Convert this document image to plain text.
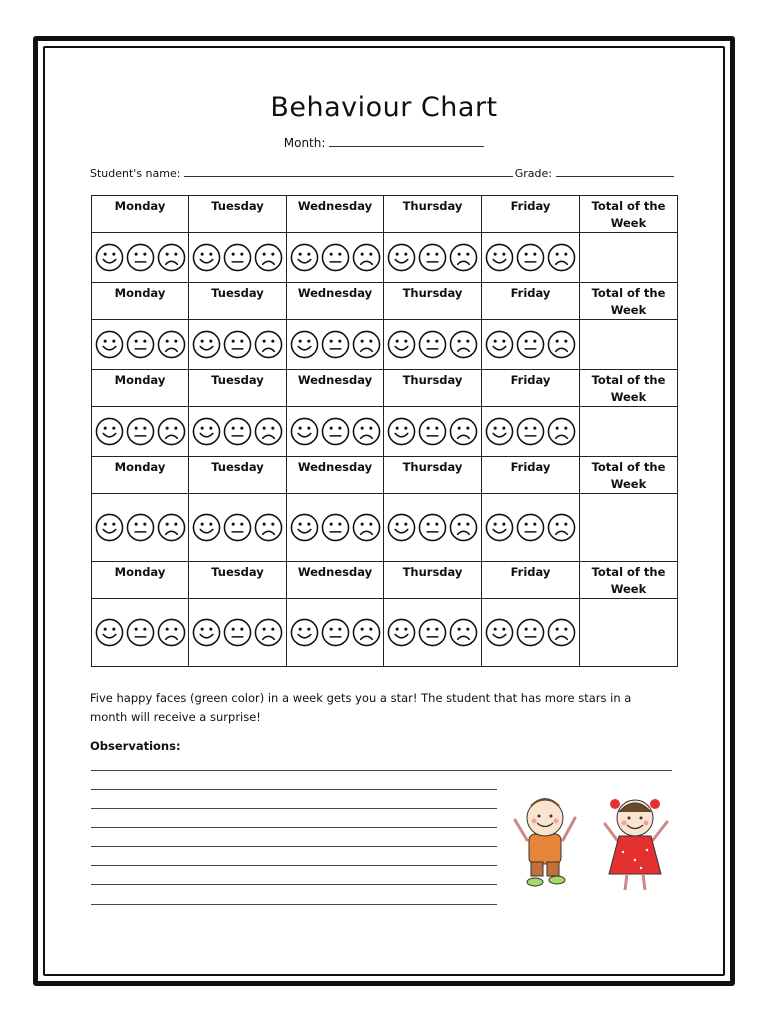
Behaviour Chart
Month:
Student's name:	Grade:
Monday	Tuesday	Wednesday	Thursday	Friday	Total of the Week

Monday	Tuesday	Wednesday	Thursday	Friday	Total of the Week

Monday	Tuesday	Wednesday	Thursday	Friday	Total of the Week

Monday	Tuesday	Wednesday	Thursday	Friday	Total of the Week

Monday	Tuesday	Wednesday	Thursday	Friday	Total of the Week

Five happy faces (green color) in a week gets you a star! The student that has more stars in a month will receive a surprise!
Observations:
